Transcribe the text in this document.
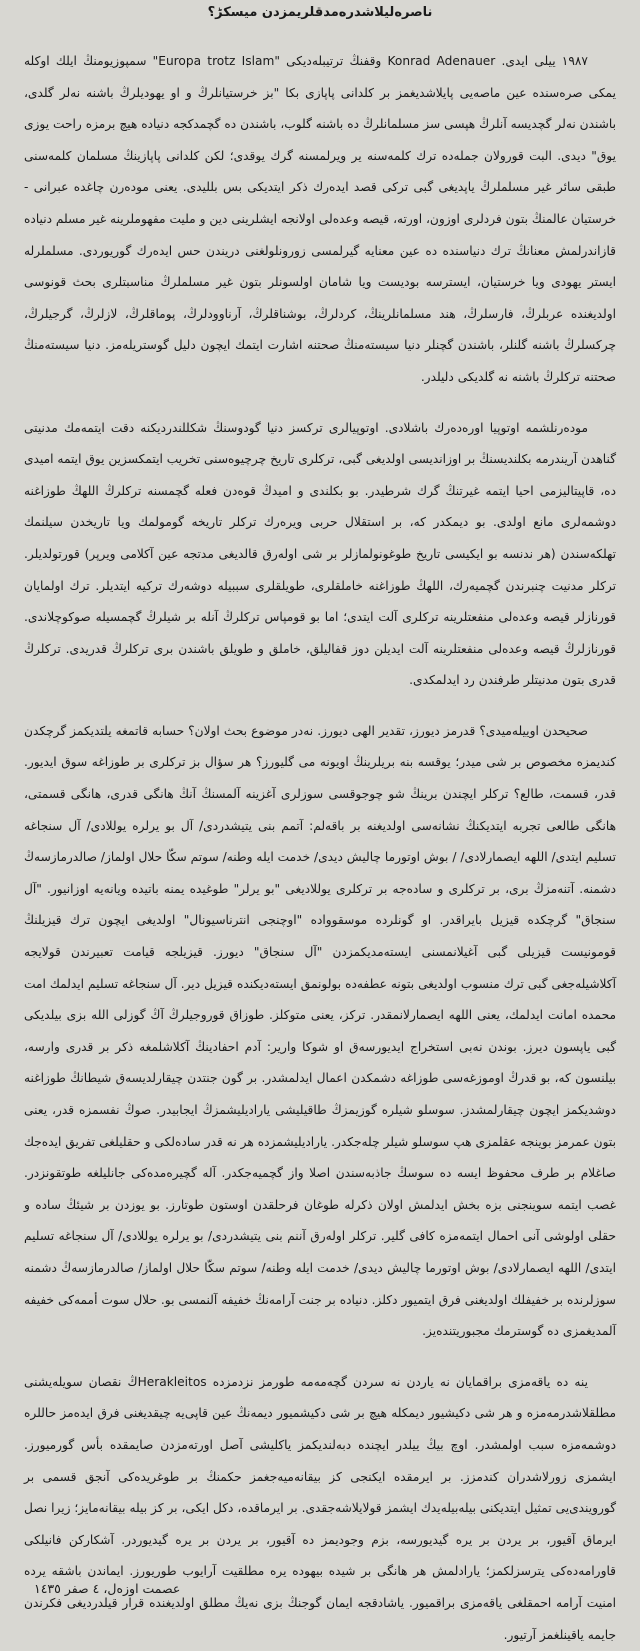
ناصرەلیلاشدرەمدقلریمزدن میسکڑ؟
١٩٨٧ ییلی ایدی. Konrad Adenauer وقفنڭ ترتیبلەدیکی "Europa trotz Islam" سمپوزیومنڭ ایلك اوکلە یمکی صرەسندە عین ماصەیی پایلاشدیغمز بر کلدانی پاپازی بکا "بز خرستیانلرڭ و او یهودیلرڭ باشنە نەلر گلدی، باشندن نەلر گچدیسە آنلرڭ هپسی سز مسلمانلرڭ دە باشنە گلوب، باشندن دە گچمدکجە دنیادە هیچ برمزە راحت یوزی یوق" دیدی. البت قورولان جملەدە ترك کلمەسنە یر ویرلمسنە گرك یوقدی؛ لکن کلدانی پاپازینڭ مسلمان کلمەسنی طبقی سائر غیر مسلملرڭ یاپدیغی گبی ترکی قصد ایدەرك ذکر ایتدیکی بس بللیدی. یعنی مودەرن چاغدە عبرانی - خرستیان عالمنڭ بتون فردلری اوزون، اورتە، قیصە وعدەلی اولانجە ایشلرینی دین و ملیت مفهوملرینە غیر مسلم دنیادە قازاندرلمش معنانڭ ترك دنیاسندە دە عین معنایە گیرلمسی زورونلولغنی دریندن حس ایدەرك گوریوردی. مسلملرلە ایستر یهودی ویا خرستیان، ایسترسە بودیست ویا شامان اولسونلر بتون غیر مسلملرڭ مناسبتلری بحث قونوسی اولدیغندە عربلرڭ، فارسلرڭ، هند مسلمانلرینڭ، کردلرڭ، بوشناقلرڭ، آرناوودلرڭ، پوماقلرڭ، لازلرڭ، گرجیلرڭ، چرکسلرڭ باشنە گلنلر، باشندن گچنلر دنیا سیستەمنڭ صحتنە اشارت ایتمك ایچون دلیل گوستریلەمز. دنیا سیستەمنڭ صحتنە ترکلرڭ باشنە نە گلدیکی دلیلدر.
مودەرنلشمە اوتوپیا اورەدەرك باشلادی. اوتوپیالری ترکسز دنیا گودوسنڭ شکللندردیکنە دقت ایتمەمك مدنیتی گناهدن آریندرمە بکلندیسنڭ بر اوزاندیسی اولدیغی گبی، ترکلری تاریخ چرچیوەسنی تخریب ایتمکسزین یوق ایتمە امیدی دە، قاپیتالیزمی احیا ایتمە غیرتنڭ گرك شرطیدر. بو بکلندی و امیدڭ قوەدن فعلە گچمسنە ترکلرڭ اللهڭ طوزاغنە دوشمەلری مانع اولدی. بو دیمکدر کە، بر استقلال حربی ویرەرك ترکلر تاریخە گومولمك ویا تاریخدن سیلنمك تهلکەسندن (هر ندنسە بو ایکیسی تاریخ طوغونولمازلر بر شی اولەرق قالدیغی مدتجە عین آکلامی ویرپر) قورتولدیلر. ترکلر مدنیت چنبرندن گچمیەرك، اللهڭ طوزاغنە خاملقلری، طویلقلری سببیلە دوشەرك ترکیە ایتدیلر. ترك اولمایان قورنازلر قیصە وعدەلی منفعتلرینە ترکلری آلت ایتدی؛ اما بو قومپاس ترکلرڭ آنلە بر شیلرڭ گچمسیلە صوکوچلاندی. قورنازلرڭ قیصە وعدەلی منفعتلرینە آلت ایدیلن دوز قفالیلق، خاملق و طویلق باشندن بری ترکلرڭ قدریدی. ترکلرڭ قدری بتون مدنیتلر طرفندن رد ایدلمکدی.
صحیحدن اوییلەمیدی؟ قدرمز دیورز، تقدیر الهی دیورز. نەدر موضوع بحث اولان؟ حسابە قاتمغە یلتدیکمز گرچکدن کندیمزە مخصوص بر شی میدر؛ یوقسە بنە بریلرینڭ اویونە می گلیورز؟ هر سؤال بز ترکلری بر طوزاغە سوق ایدیور. قدر، قسمت، طالع؟ ترکلر ایچندن برینڭ شو چوجوقسی سوزلری آغزینە آلمسنڭ آنڭ هانگی قدری، هانگی قسمتی، هانگی طالعی تجربە ایتدیکنڭ نشانەسی اولدیغنە بر باقەلم: آتمم بنی یتیشدردی/ آل بو یرلرە یوللادی/ آل سنجاغە تسلیم ایتدی/ اللهە ایصمارلادی/ / بوش اوتورما چالیش دیدی/ خدمت ایلە وطنە/ سوتم سكّا حلال اولماز/ صالدرمازسەڭ دشمنە. آتنەمزڭ برى، بر ترکلری و سادەجە بر ترکلری یوللادیغی "بو یرلر" طوغیدە یمنە باتیدە ویانەیە اوزانیور. "آل سنجاق" گرچکدە قیزیل بایراقدر. او گونلردە موسقوواده "اوچنجی انترناسیونال" اولدیغی ایچون ترك قیزیلنڭ قومونیست قیزیلی گبی آغیلانمسنی ایستەمدیکمزدن "آل سنجاق" دیورز. قیزیلجە قیامت تعبیرندن قولایجە آکلاشیلەجغی گبی ترك منسوب اولدیغی بتونە عطفەدە بولونمق ایستەدیکندە قیزیل دیر. آل سنجاغە تسلیم ایدلمك امت محمدە امانت ایدلمك، یعنی اللهە ایصمارلانمقدر. ترکز، یعنی متوکلز. طوزاق قوروجیلرڭ آڭ گوزلی اللە بزی بیلدیکی گبی یاپسون دیرز. بوندن نەبی استخراج ایدیورسەق او شوکا واریر: آدم احفادینڭ آکلاشلمغە ذکر بر قدری وارسە، بیلنسون کە، بو قدرڭ اوموزغەسی طوزاغە دشمکدن اعمال ایدلمشدر. بر گون جنتدن چیقارلدیسەق شیطانڭ طوزاغنە دوشدیکمز ایچون چیقارلمشدز. سوسلو شیلرە گوزیمزڭ طاقیلیشی یارادیلیشمزڭ ایجابیدر. صوڭ نفسمزە قدر، یعنی بتون عمرمز بوینجە عقلمزی هپ سوسلو شیلر چلەجکدر. یارادیلیشمزدە هر نە قدر سادەلکی و حقلیلغی تفریق ایدەجك صاغلام بر طرف محفوظ ایسە دە سوسڭ جاذبەسندن اصلا واز گچمیەجکدر. آلە گچیرەمدەکی جانلیلغە طوتقونزدر. غصب ایتمە سوینجنی بزە بخش ایدلمش اولان ذکرلە طوغان فرحلقدن اوستون طوتارز. بو یوزدن بر شیئڭ سادە و حقلی اولوشی آنی احمال ایتمەمزە کافی گلیر. ترکلر اولەرق آننم بنی یتیشدردی/ بو یرلرە یوللادی/ آل سنجاغە تسلیم ایتدی/ اللهە ایصمارلادی/ بوش اوتورما چالیش دیدی/ خدمت ایلە وطنە/ سوتم سكّا حلال اولماز/ صالدرمازسەڭ دشمنە سوزلرندە بر خفیفلك اولدیغنی فرق ایتمیور دکلز. دنیادە بر جنت آرامەنڭ خفیفە آلنمسی بو. حلال سوت أممەکی خفیفە آلمدیغمزی دە گوسترمك مجبوریتندەیز.
ینە دە یاقەمزی براقمایان نە یاردن نە سردن گچەمەمە طورمز نزدمزدە Herakleitosڭ نقصان سویلەیشنی مطلقلاشدرمەمزە و هر شی دکیشیور دیمکلە هیچ بر شی دکیشمیور دیمەنڭ عین قاپی‌یە چیقدیغنی فرق ایدەمز حاللرە دوشمەمزە سبب اولمشدر. اوچ بیڭ ییلدر ایچندە دبەلندیکمز یاکلیشی آصل اورتەمزدن صایمقدە بأس گورمیورز. ایشمزی زورلاشدران کندمزز. بر ایرمقدە ایکنجی کز بیقانەمیەجغمز حکمنڭ بر طوغریدەکی آنجق قسمی بر گورویندی‌یی تمثیل ایتدیکنی بیلەبیلەیدك ایشمز قولایلاشەجقدی. بر ایرماقدە، دکل ایکی، بر کز بیلە بیقانەمایز؛ زیرا نصل ایرماق آقیور، بر یردن بر یرە گیدیورسە، بزم وجودیمز دە آقیور، بر یردن بر یرە گیدیوردر. آشکارکن فانیلکی قاورامەدەکی یترسزلکمز؛ یارادلمش هر هانگی بر شیدە بیهودە یرە مطلقیت آرایوب طوریورز. ایماندن باشقە یردە امنیت آرامە احمقلغی یاقەمزی براقمیور. یاشادقجە ایمان گوجنڭ بزی نەیڭ مطلق اولدیغندە قرار قیلدردیغی فکرندن جایمە یاقینلغمز آرتیور.
عصمت اوزەل، ٤ صفر ١٤٣٥
